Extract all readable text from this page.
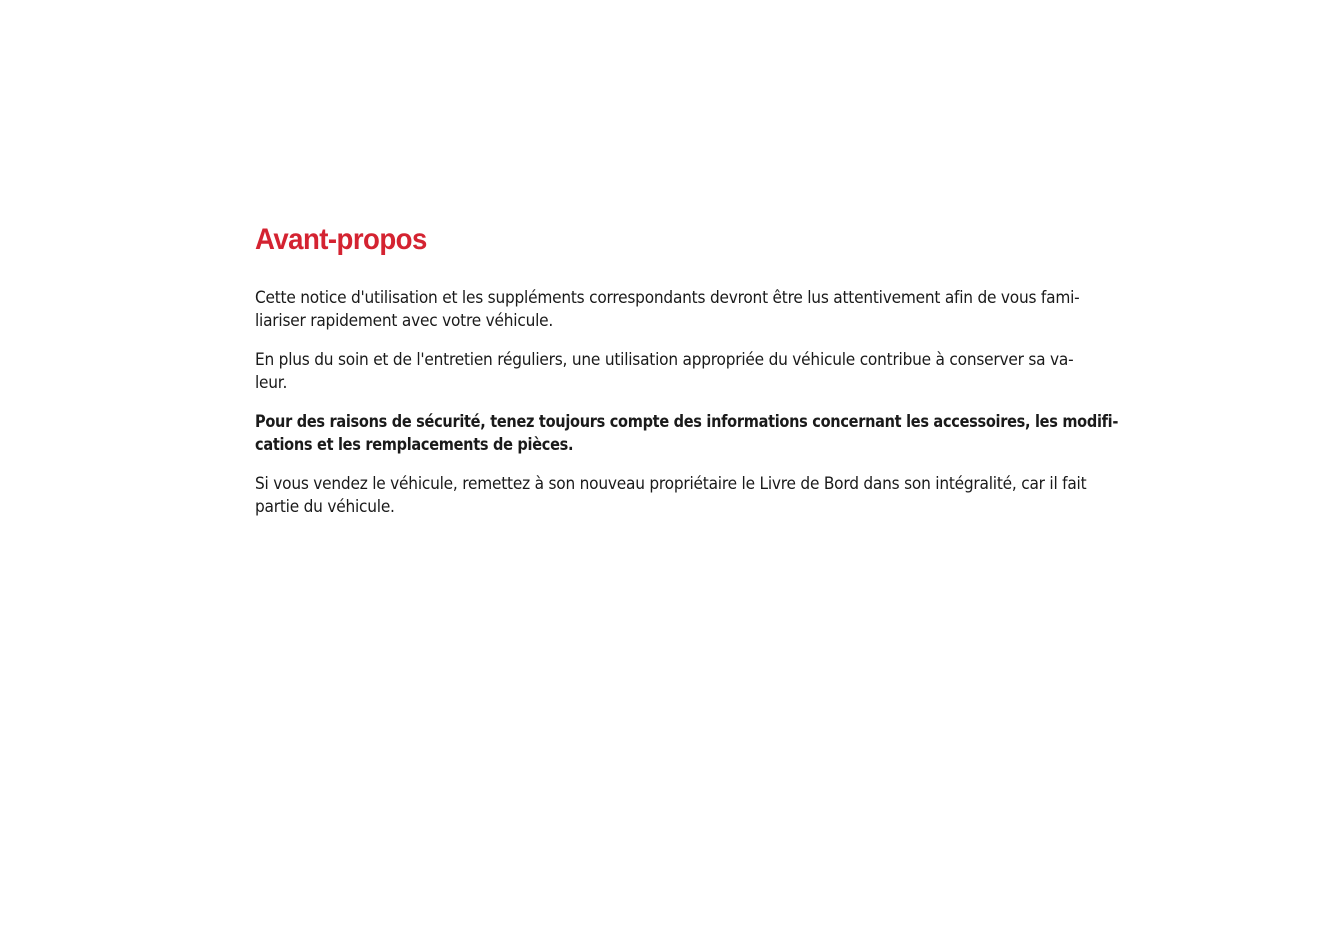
Avant-propos

Cette notice d'utilisation et les suppléments correspondants devront être lus attentivement afin de vous fami-
liariser rapidement avec votre véhicule.

En plus du soin et de l'entretien réguliers, une utilisation appropriée du véhicule contribue à conserver sa va-
leur.

Pour des raisons de sécurité, tenez toujours compte des informations concernant les accessoires, les modifi-
cations et les remplacements de pièces.

Si vous vendez le véhicule, remettez à son nouveau propriétaire le Livre de Bord dans son intégralité, car il fait
partie du véhicule.
